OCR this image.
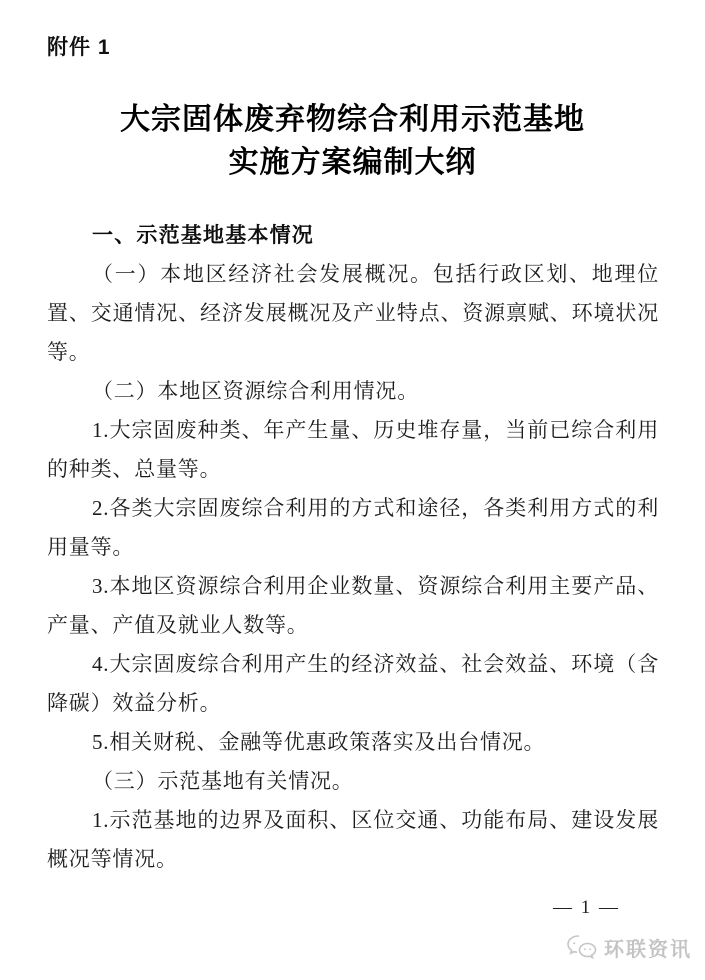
附件 1
大宗固体废弃物综合利用示范基地
实施方案编制大纲
一、示范基地基本情况

（一）本地区经济社会发展概况。包括行政区划、地理位置、交通情况、经济发展概况及产业特点、资源禀赋、环境状况等。

（二）本地区资源综合利用情况。

1.大宗固废种类、年产生量、历史堆存量，当前已综合利用的种类、总量等。

2.各类大宗固废综合利用的方式和途径，各类利用方式的利用量等。

3.本地区资源综合利用企业数量、资源综合利用主要产品、产量、产值及就业人数等。

4.大宗固废综合利用产生的经济效益、社会效益、环境（含降碳）效益分析。

5.相关财税、金融等优惠政策落实及出台情况。

（三）示范基地有关情况。

1.示范基地的边界及面积、区位交通、功能布局、建设发展概况等情况。

— 1 —
环联资讯
